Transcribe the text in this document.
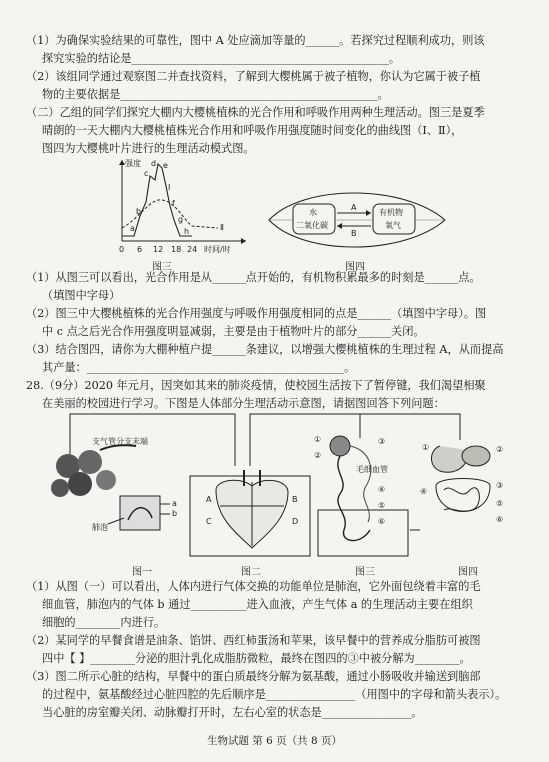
（1）为确保实验结果的可靠性，图中 A 处应滴加等量的______。若探究过程顺利成功，则该
探究实验的结论是______________________________________________。
（2）该组同学通过观察图二并查找资料，了解到大樱桃属于被子植物，你认为它属于被子植
物的主要依据是______________________________________________。
（二）乙组的同学们探究大棚内大樱桃植株的光合作用和呼吸作用两种生理活动。图三是夏季
晴朗的一天大棚内大樱桃植株光合作用和呼吸作用强度随时间变化的曲线图（Ⅰ、Ⅱ），
图四为大樱桃叶片进行的生理活动模式图。
强度
a
b
c
d e
f
g
h
Ⅰ
Ⅱ
0 6 12 18 24 时间/时
图三
水
二氧化碳
有机物
氧气
A
B
图四
（1）从图三可以看出，光合作用是从______点开始的，有机物积累最多的时刻是______点。
（填图中字母）
（2）图三中大樱桃植株的光合作用强度与呼吸作用强度相同的点是______（填图中字母）。图
中 c 点之后光合作用强度明显减弱，主要是由于植物叶片的部分______关闭。
（3）结合图四，请你为大棚种植户提______条建议，以增强大樱桃植株的生理过程 A，从而提高
其产量：______________________________________________。
28.（9分）2020 年元月，因突如其来的肺炎疫情，使校园生活按下了暂停键，我们渴望相聚
在美丽的校园进行学习。下图是人体部分生理活动示意图，请据图回答下列问题：
支气管分支末端
a
b
肺泡
A
C
B
D
毛细血管
①
②
③
④
⑤
⑥
①	②
③
④
⑤
⑥
图一	图二	图三	图四
（1）从图（一）可以看出，人体内进行气体交换的功能单位是肺泡，它外面包绕着丰富的毛
细血管，肺泡内的气体 b 通过__________进入血液，产生气体 a 的生理活动主要在组织
细胞的________内进行。
（2）某同学的早餐食谱是油条、馅饼、西红柿蛋汤和苹果，该早餐中的营养成分脂肪可被图
四中【 】________分泌的胆汁乳化成脂肪微粒，最终在图四的③中被分解为________。
（3）图二所示心脏的结构，早餐中的蛋白质最终分解为氨基酸，通过小肠吸收并输送到脑部
的过程中，氨基酸经过心脏四腔的先后顺序是________________（用图中的字母和箭头表示）。
当心脏的房室瓣关闭、动脉瓣打开时，左右心室的状态是________________。
生物试题 第 6 页（共 8 页）
